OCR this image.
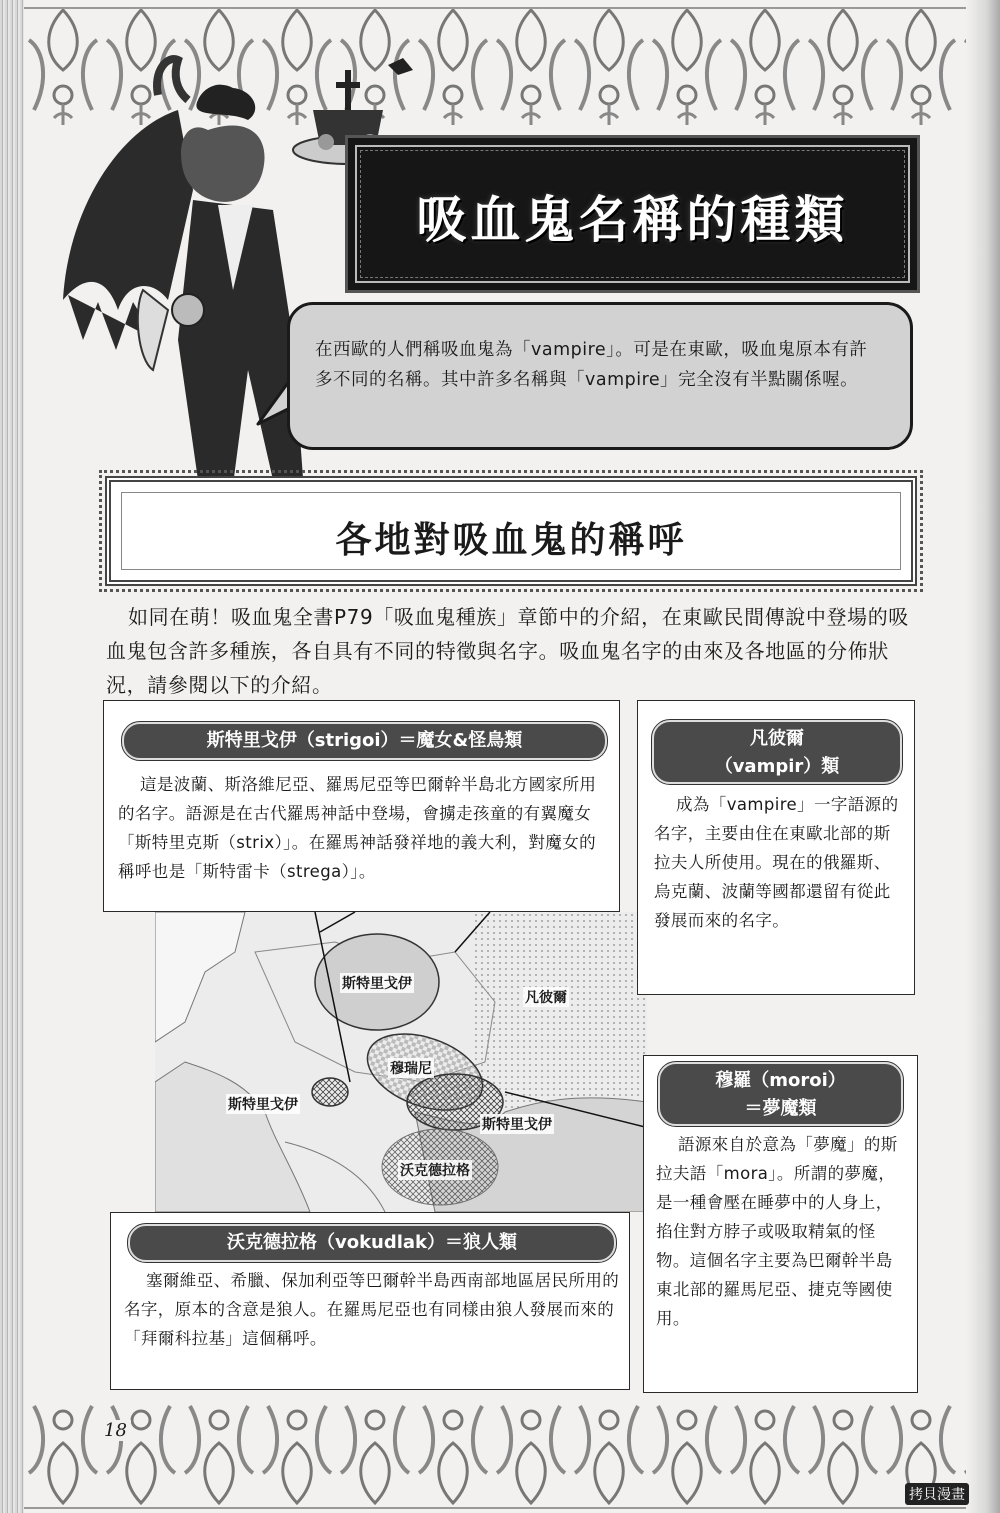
吸血鬼名稱的種類

在西歐的人們稱吸血鬼為「vampire」。可是在東歐，吸血鬼原本有許多不同的名稱。其中許多名稱與「vampire」完全沒有半點關係喔。

各地對吸血鬼的稱呼

如同在萌！吸血鬼全書P79「吸血鬼種族」章節中的介紹，在東歐民間傳說中登場的吸血鬼包含許多種族，各自具有不同的特徵與名字。吸血鬼名字的由來及各地區的分佈狀況，請參閱以下的介紹。

斯特里戈伊
凡彼爾
穆瑞尼
斯特里戈伊
斯特里戈伊
沃克德拉格
斯特里戈伊（strigoi）＝魔女&怪鳥類

這是波蘭、斯洛維尼亞、羅馬尼亞等巴爾幹半島北方國家所用的名字。語源是在古代羅馬神話中登場，會擄走孩童的有翼魔女「斯特里克斯（strix）」。在羅馬神話發祥地的義大利，對魔女的稱呼也是「斯特雷卡（strega）」。

凡彼爾
（vampir）類

成為「vampire」一字語源的名字，主要由住在東歐北部的斯拉夫人所使用。現在的俄羅斯、烏克蘭、波蘭等國都還留有從此發展而來的名字。

穆羅（moroi）
＝夢魔類

語源來自於意為「夢魔」的斯拉夫語「mora」。所謂的夢魔，是一種會壓在睡夢中的人身上，掐住對方脖子或吸取精氣的怪物。這個名字主要為巴爾幹半島東北部的羅馬尼亞、捷克等國使用。

沃克德拉格（vokudlak）＝狼人類

塞爾維亞、希臘、保加利亞等巴爾幹半島西南部地區居民所用的名字，原本的含意是狼人。在羅馬尼亞也有同樣由狼人發展而來的「拜爾科拉基」這個稱呼。

18
拷貝漫畫
